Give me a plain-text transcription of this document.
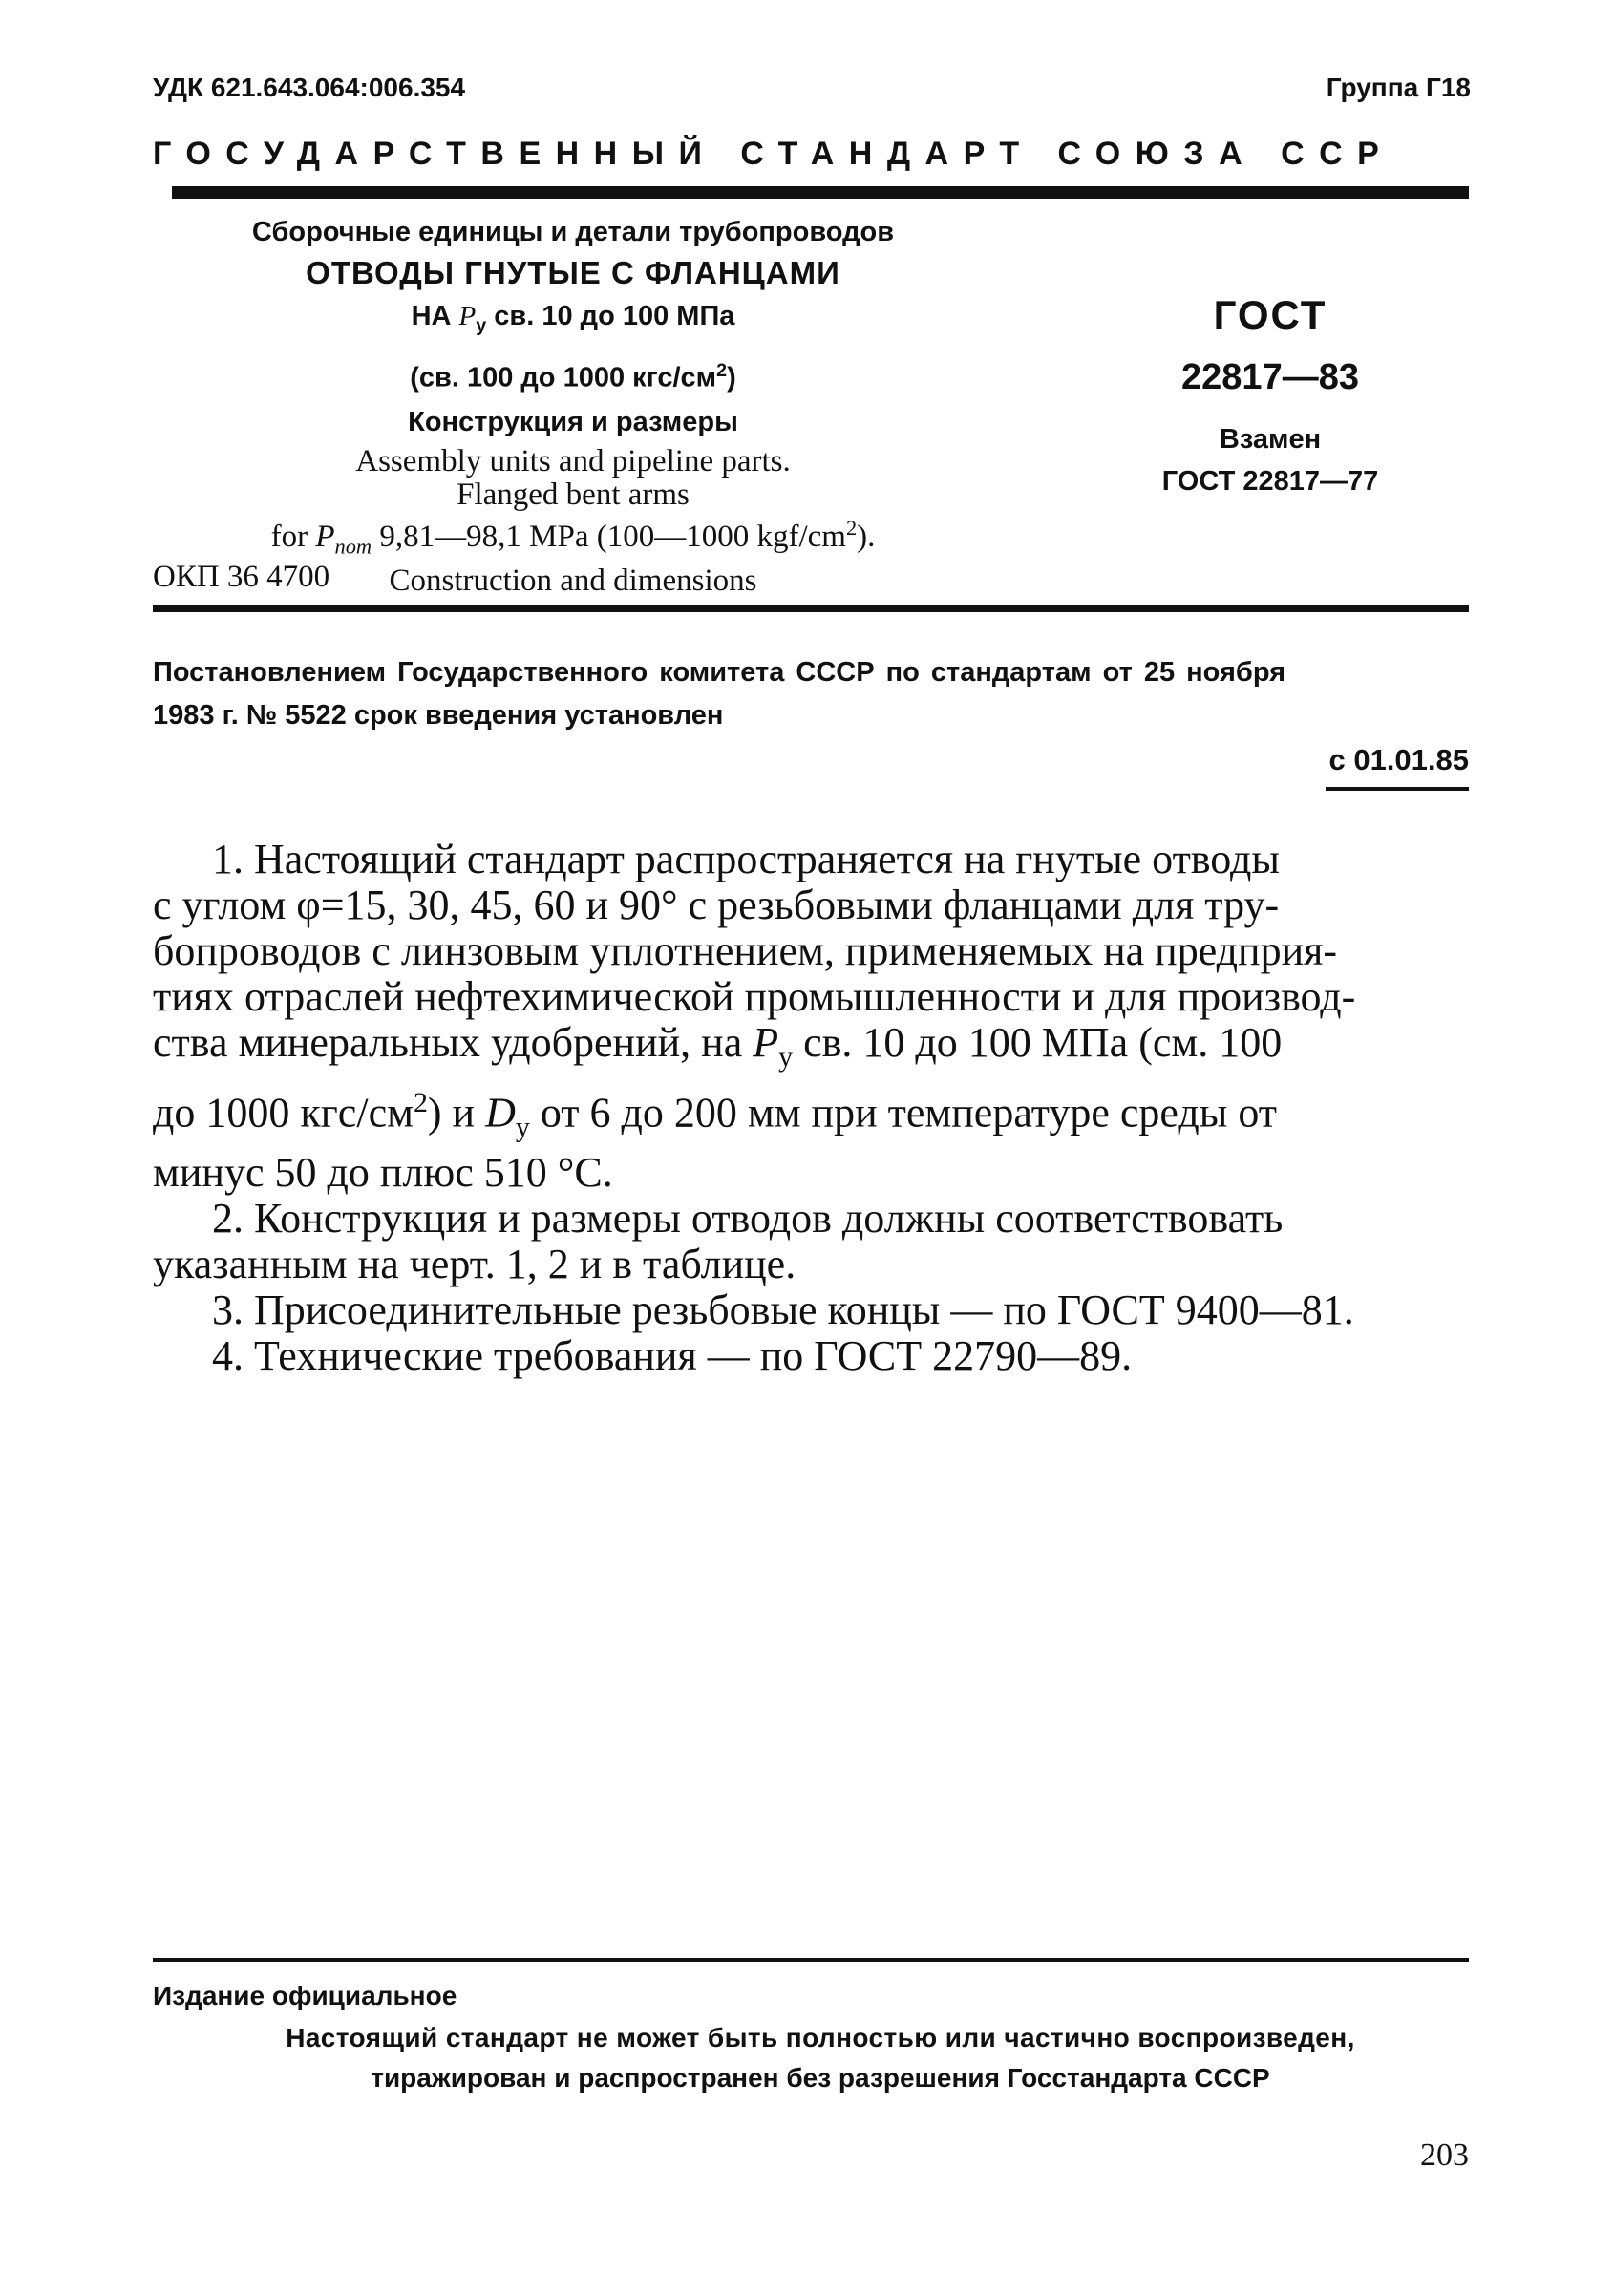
УДК 621.643.064:006.354	Группа Г18
ГОСУДАРСТВЕННЫЙ СТАНДАРТ СОЮЗА ССР
Сборочные единицы и детали трубопроводов
ОТВОДЫ ГНУТЫЕ С ФЛАНЦАМИ
НА $P_у$ св. 10 до 100 МПа
(св. 100 до 1000 кгс/$см^2$)
Конструкция и размеры
Assembly units and pipeline parts.
Flanged bent arms
for $P_{nom}$ 9,81—98,1 MPa (100—1000 kgf/$cm^2$).
Construction and dimensions
ОКП 36 4700
ГОСТ
22817—83
Взамен
ГОСТ 22817—77
Постановлением Государственного комитета СССР по стандартам от 25 ноября
1983 г. № 5522 срок введения установлен
с 01.01.85
1. Настоящий стандарт распространяется на гнутые отводы
с углом φ=15, 30, 45, 60 и 90° с резьбовыми фланцами для тру-
бопроводов с линзовым уплотнением, применяемых на предприя-
тиях отраслей нефтехимической промышленности и для производ-
ства минеральных удобрений, на $P_у$ св. 10 до 100 МПа (см. 100
до 1000 кгс/$см^2$) и $D_у$ от 6 до 200 мм при температуре среды от
минус 50 до плюс 510 °С.
2. Конструкция и размеры отводов должны соответствовать
указанным на черт. 1, 2 и в таблице.
3. Присоединительные резьбовые концы — по ГОСТ 9400—81.
4. Технические требования — по ГОСТ 22790—89.
Издание официальное
Настоящий стандарт не может быть полностью или частично воспроизведен,
тиражирован и распространен без разрешения Госстандарта СССР
203
